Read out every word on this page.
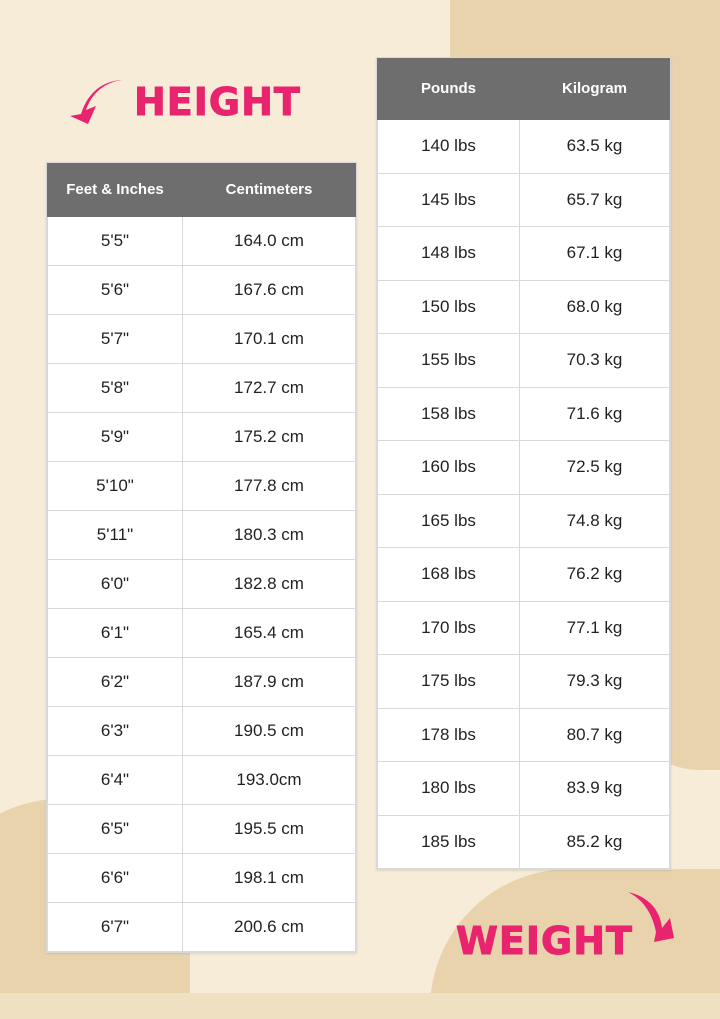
HEIGHT
Feet & Inches	Centimeters
5'5"	164.0 cm
5'6"	167.6 cm
5'7"	170.1 cm
5'8"	172.7 cm
5'9"	175.2 cm
5'10"	177.8 cm
5'11"	180.3 cm
6'0"	182.8 cm
6'1"	165.4 cm
6'2"	187.9 cm
6'3"	190.5 cm
6'4"	193.0cm
6'5"	195.5 cm
6'6"	198.1 cm
6'7"	200.6 cm
Pounds	Kilogram
140 lbs	63.5 kg
145 lbs	65.7 kg
148 lbs	67.1 kg
150 lbs	68.0 kg
155 lbs	70.3 kg
158 lbs	71.6 kg
160 lbs	72.5 kg
165 lbs	74.8 kg
168 lbs	76.2 kg
170 lbs	77.1 kg
175 lbs	79.3 kg
178 lbs	80.7 kg
180 lbs	83.9 kg
185 lbs	85.2 kg
WEIGHT
